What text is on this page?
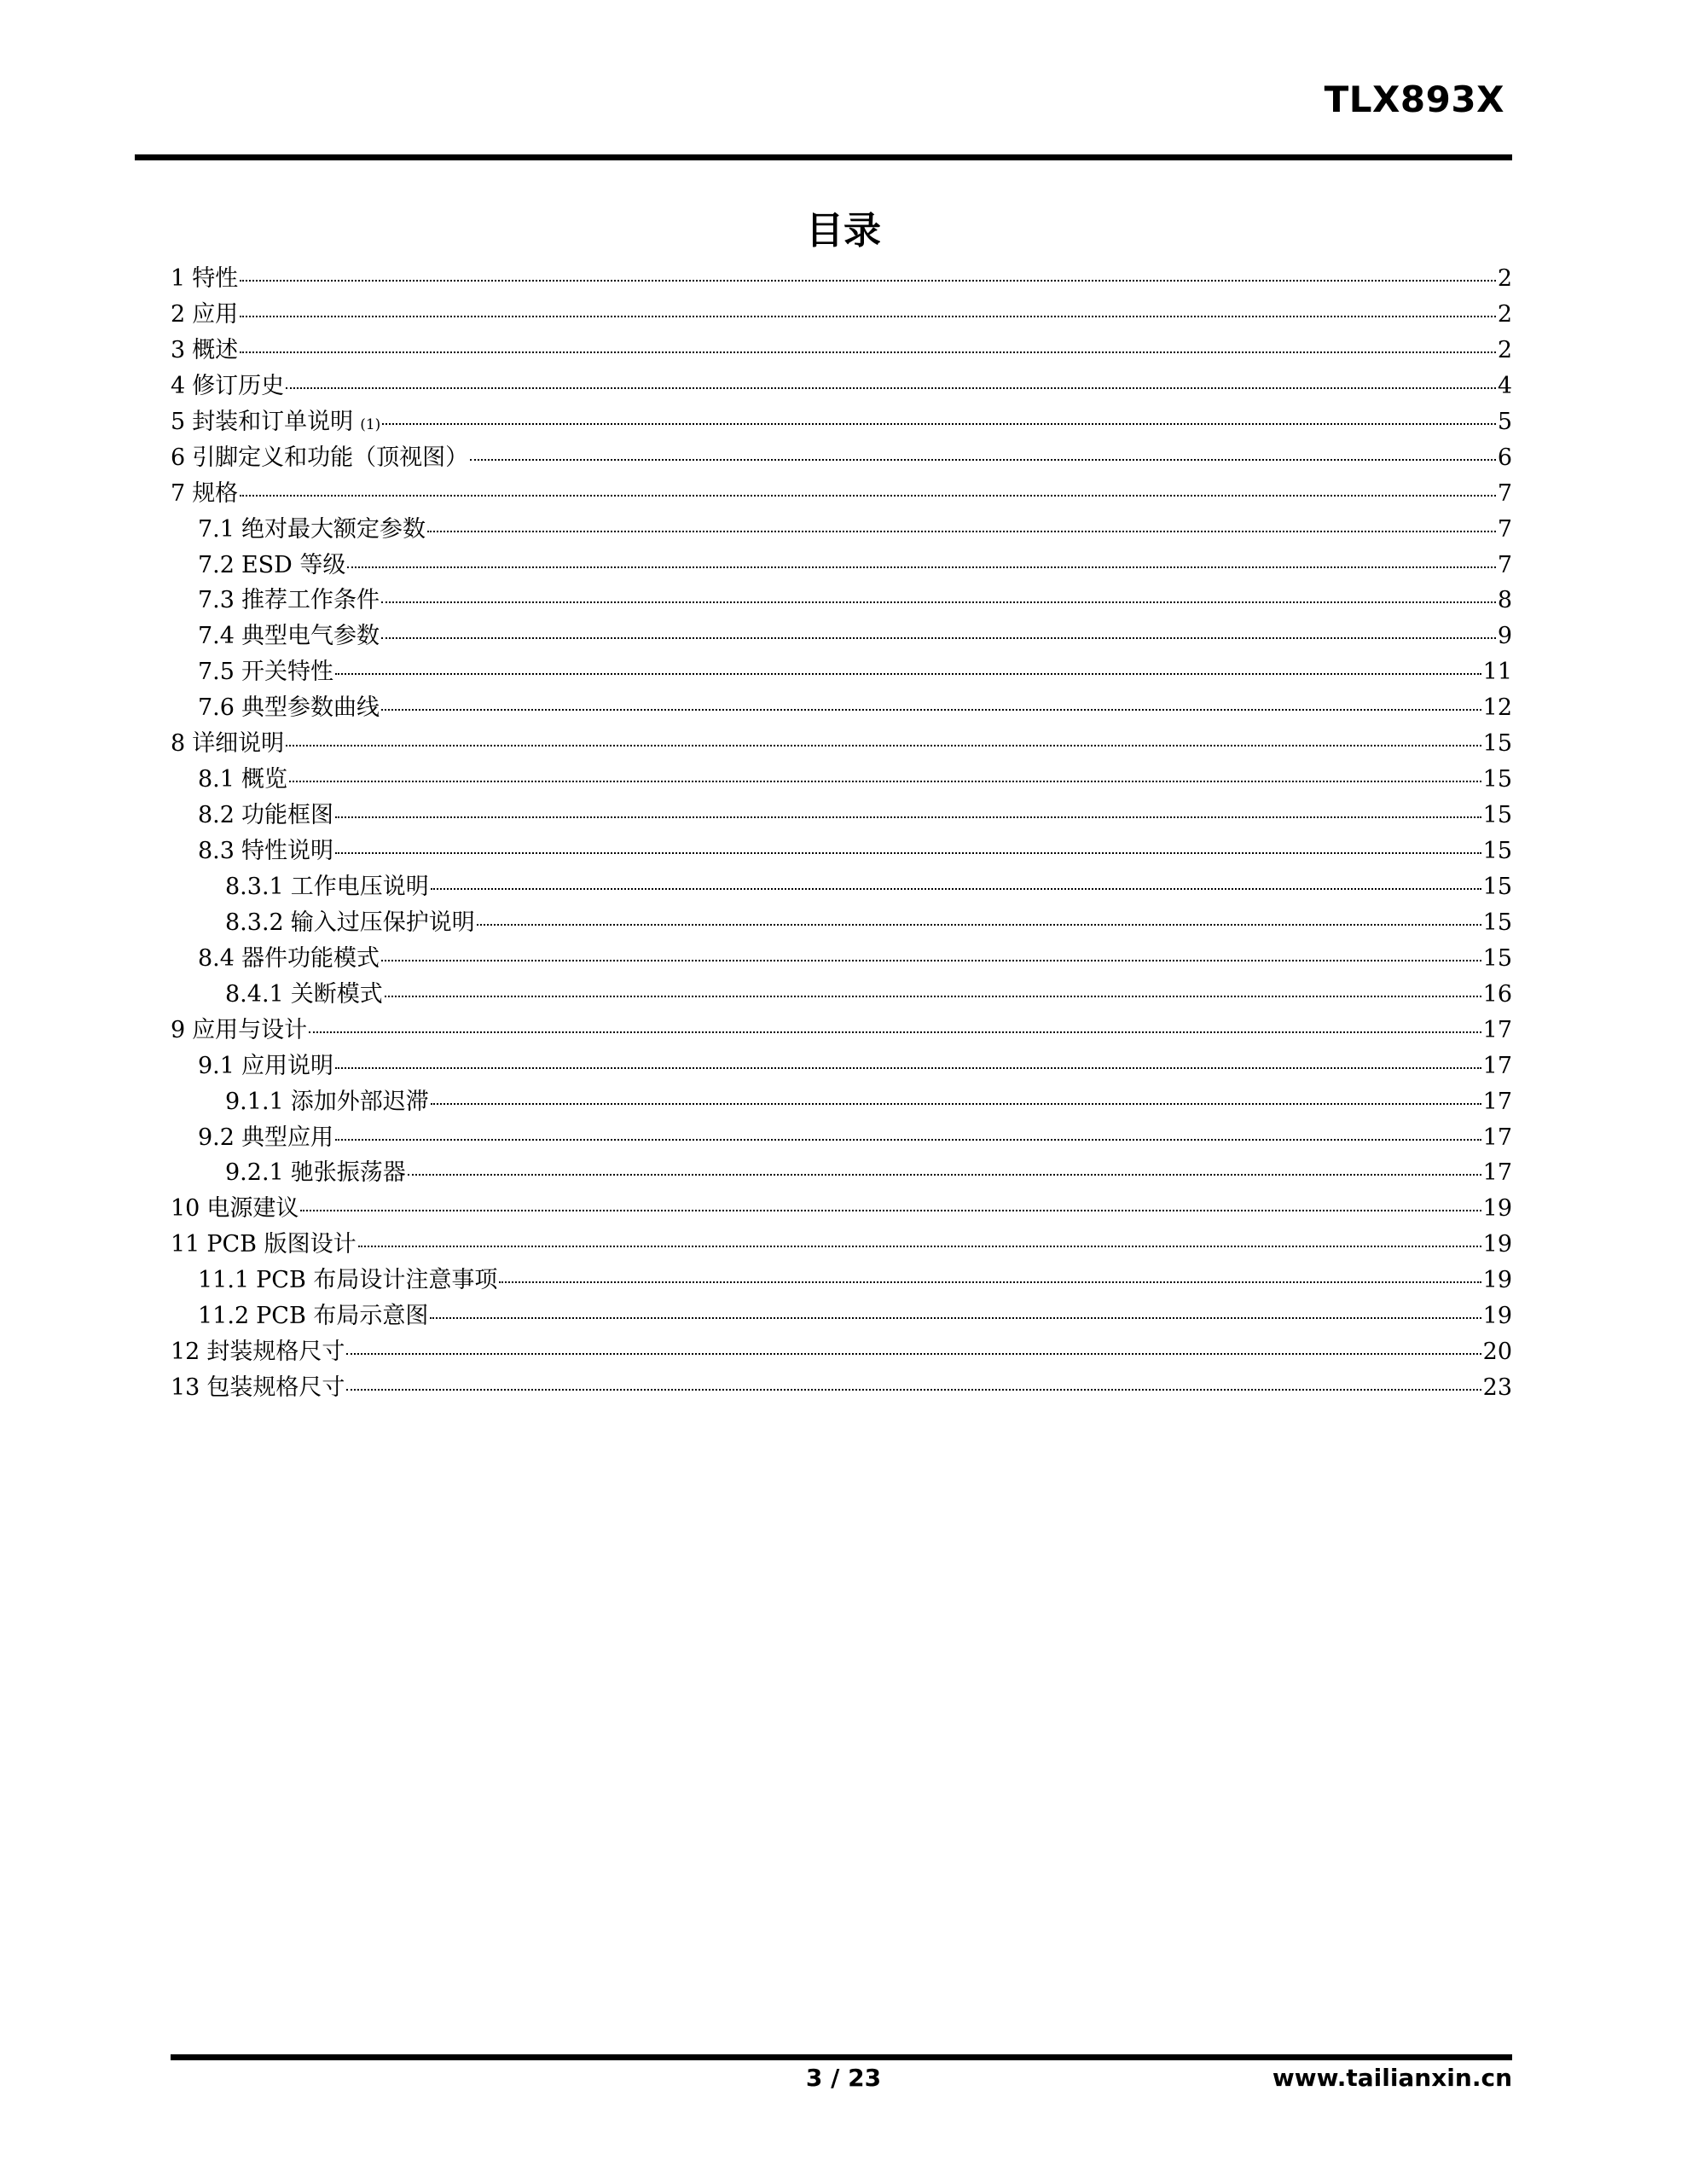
TLX893X
目录
1 特性	2
2 应用	2
3 概述	2
4 修订历史	4
5 封装和订单说明 (1)	5
6 引脚定义和功能（顶视图）	6
7 规格	7
7.1 绝对最大额定参数	7
7.2 ESD 等级	7
7.3 推荐工作条件	8
7.4 典型电气参数	9
7.5 开关特性	11
7.6 典型参数曲线	12
8 详细说明	15
8.1 概览	15
8.2 功能框图	15
8.3 特性说明	15
8.3.1 工作电压说明	15
8.3.2 输入过压保护说明	15
8.4 器件功能模式	15
8.4.1 关断模式	16
9 应用与设计	17
9.1 应用说明	17
9.1.1 添加外部迟滞	17
9.2 典型应用	17
9.2.1 驰张振荡器	17
10 电源建议	19
11 PCB 版图设计	19
11.1 PCB 布局设计注意事项	19
11.2 PCB 布局示意图	19
12 封装规格尺寸	20
13 包装规格尺寸	23
3 / 23	www.tailianxin.cn
